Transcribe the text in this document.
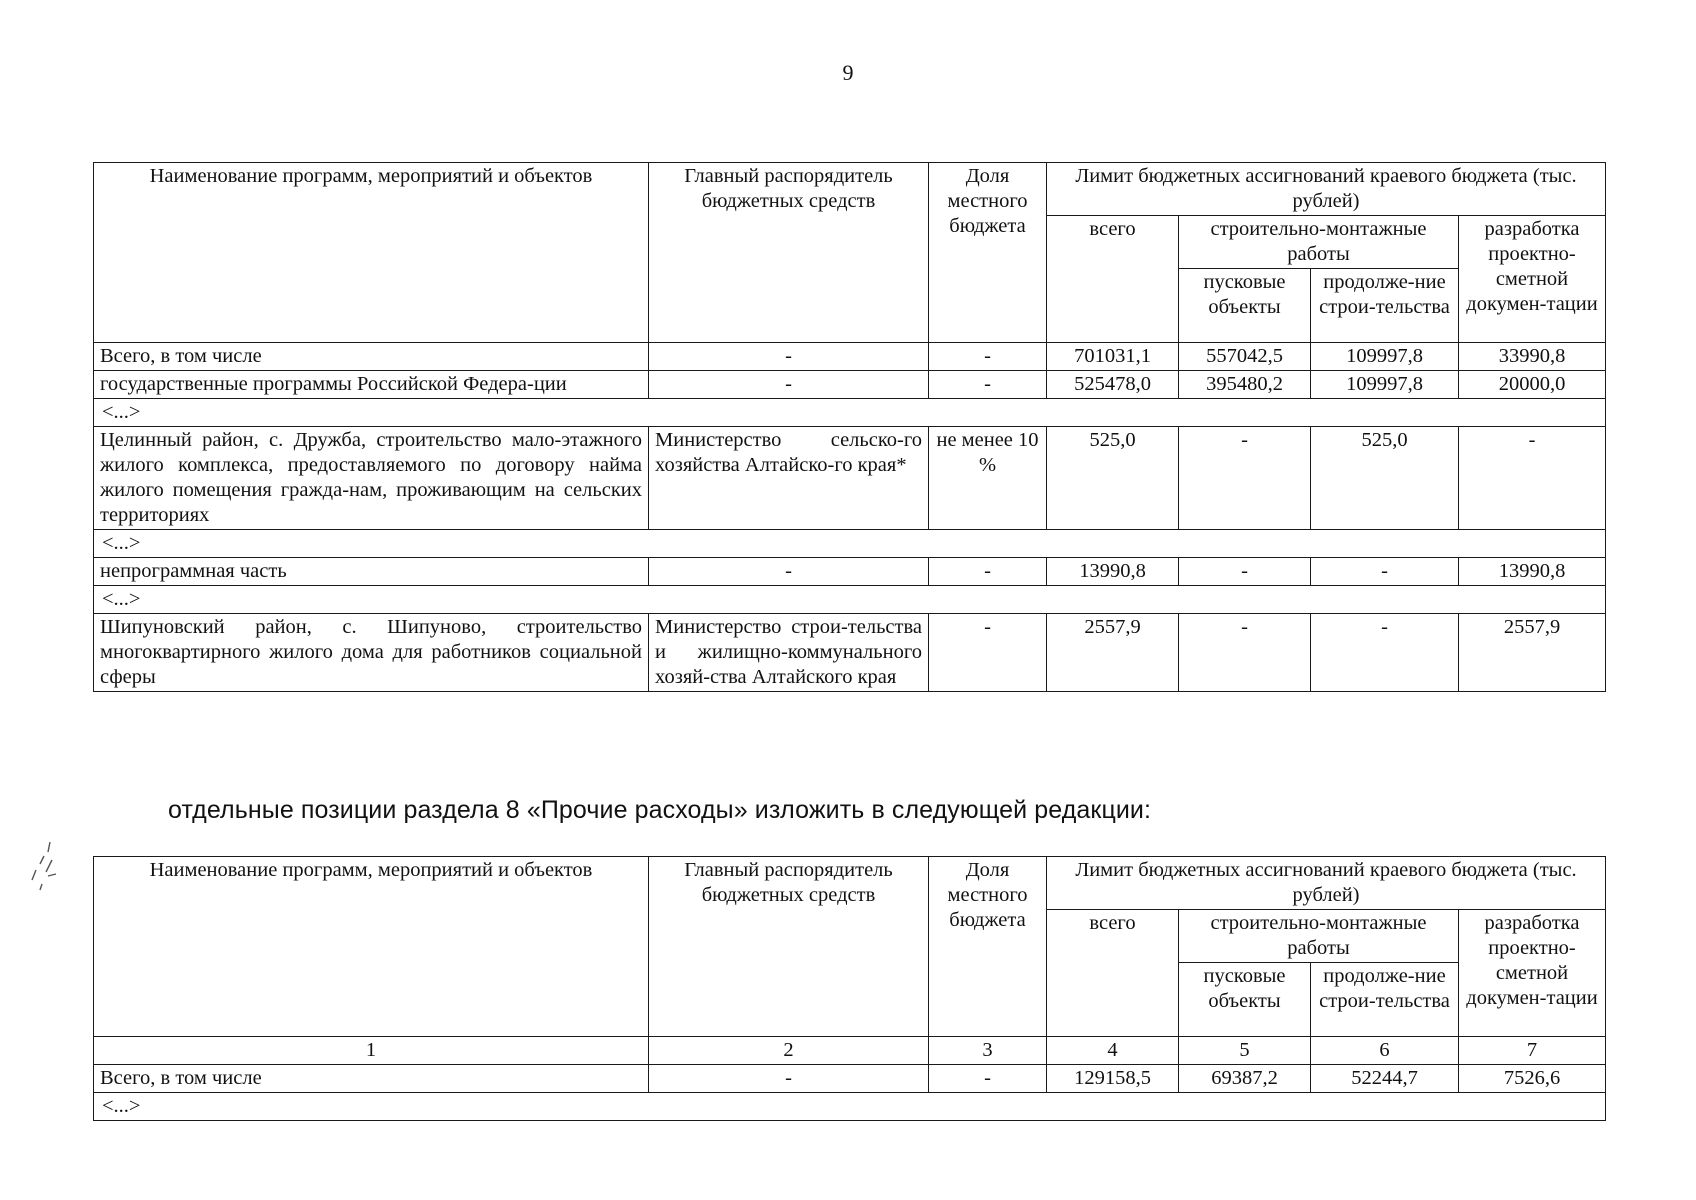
9
Наименование программ, мероприятий и объектов	Главный распорядитель бюджетных средств	Доля местного бюджета	Лимит бюджетных ассигнований краевого бюджета (тыс. рублей)			
			всего	строительно-монтажные работы		разработка проектно-сметной докумен-тации
				пусковые объекты	продолже-ние строи-тельства	
Всего, в том числе	-	-	701031,1	557042,5	109997,8	33990,8
государственные программы Российской Федера-ции	-	-	525478,0	395480,2	109997,8	20000,0
<...>						
Целинный район, с. Дружба, строительство мало-этажного жилого комплекса, предоставляемого по договору найма жилого помещения гражда-нам, проживающим на сельских территориях	Министерство сельско-го хозяйства Алтайско-го края*	не менее 10 %	525,0	-	525,0	-
<...>						
непрограммная часть	-	-	13990,8	-	-	13990,8
<...>						
Шипуновский район, с. Шипуново, строительство многоквартирного жилого дома для работников социальной сферы	Министерство строи-тельства и жилищно-коммунального хозяй-ства Алтайского края	-	2557,9	-	-	2557,9
отдельные позиции раздела 8 «Прочие расходы» изложить в следующей редакции:
Наименование программ, мероприятий и объектов	Главный распорядитель бюджетных средств	Доля местного бюджета	Лимит бюджетных ассигнований краевого бюджета (тыс. рублей)			
			всего	строительно-монтажные работы		разработка проектно-сметной докумен-тации
				пусковые объекты	продолже-ние строи-тельства	
1	2	3	4	5	6	7
Всего, в том числе	-	-	129158,5	69387,2	52244,7	7526,6
<...>						
